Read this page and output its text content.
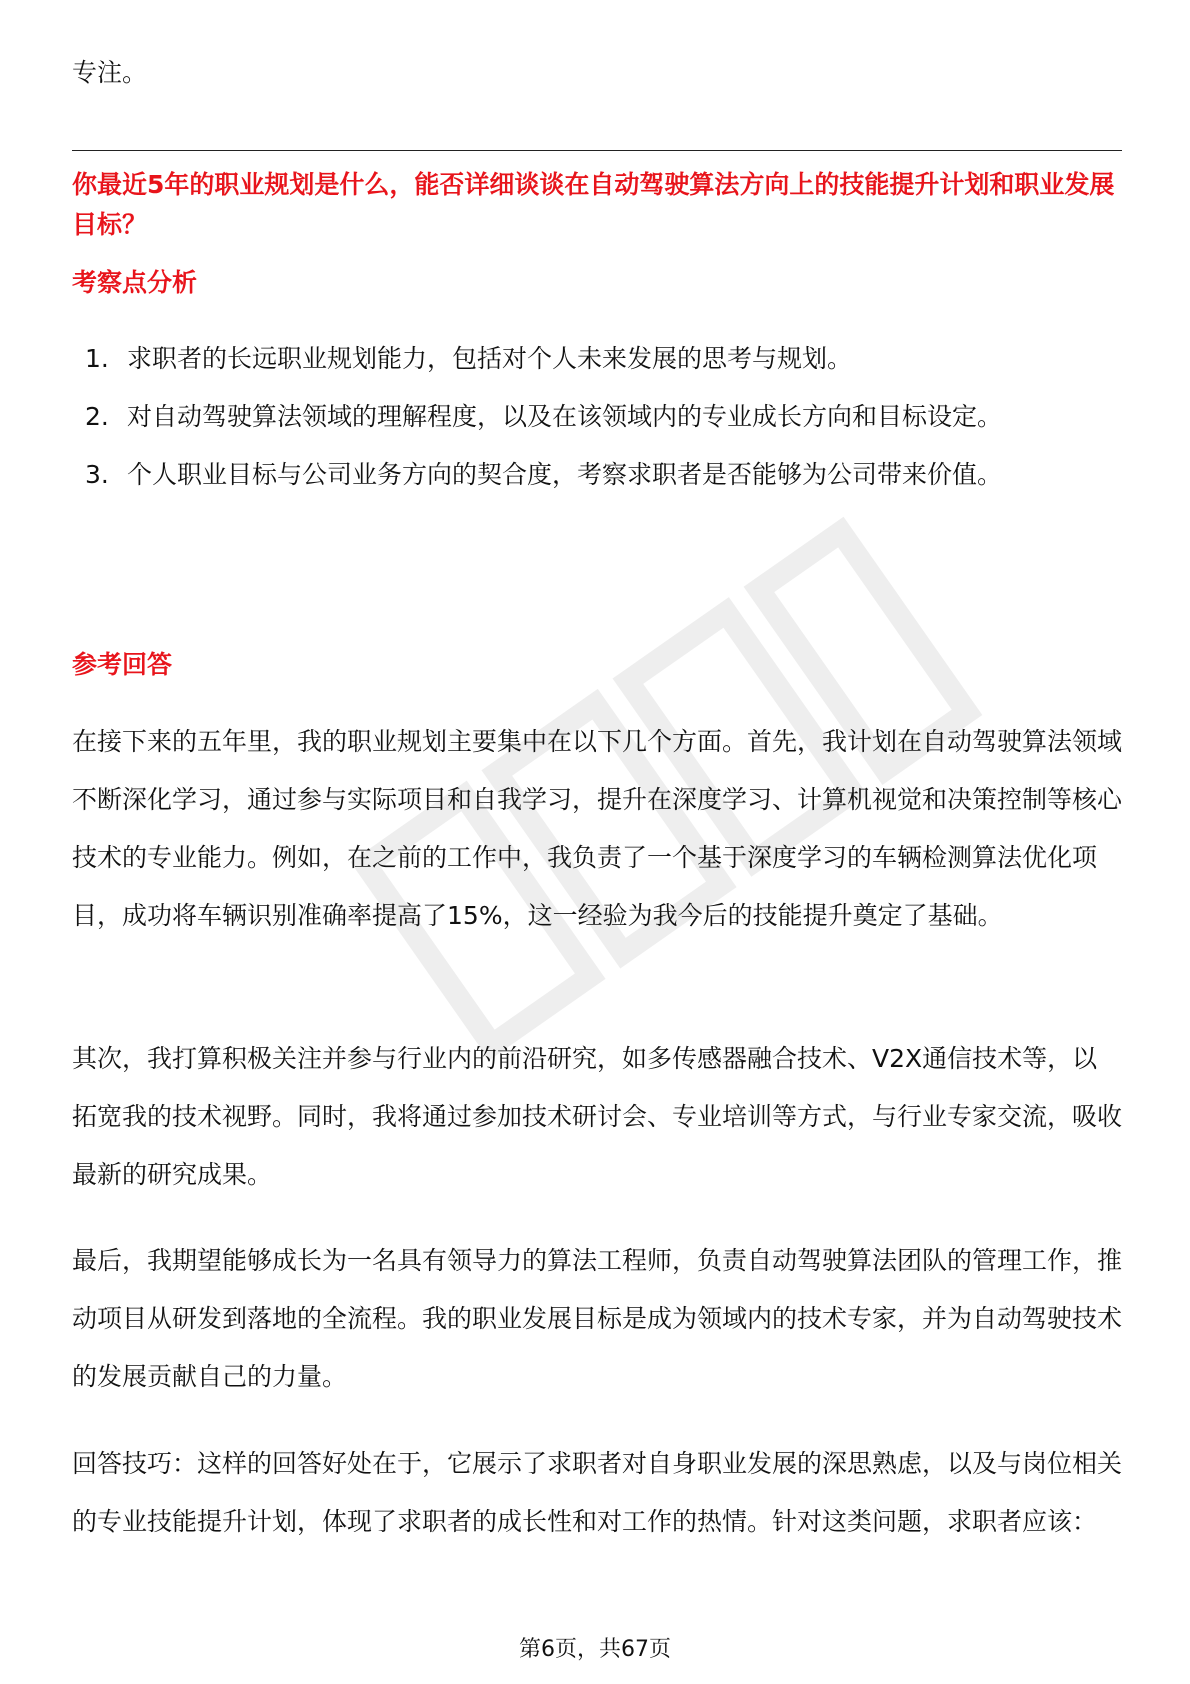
专注。
你最近5年的职业规划是什么，能否详细谈谈在自动驾驶算法方向上的技能提升计划和职业发展目标？
考察点分析
1. 求职者的长远职业规划能力，包括对个人未来发展的思考与规划。
2. 对自动驾驶算法领域的理解程度，以及在该领域内的专业成长方向和目标设定。
3. 个人职业目标与公司业务方向的契合度，考察求职者是否能够为公司带来价值。
参考回答

在接下来的五年里，我的职业规划主要集中在以下几个方面。首先，我计划在自动驾驶算法领域不断深化学习，通过参与实际项目和自我学习，提升在深度学习、计算机视觉和决策控制等核心技术的专业能力。例如，在之前的工作中，我负责了一个基于深度学习的车辆检测算法优化项目，成功将车辆识别准确率提高了15%，这一经验为我今后的技能提升奠定了基础。

其次，我打算积极关注并参与行业内的前沿研究，如多传感器融合技术、V2X通信技术等，以拓宽我的技术视野。同时，我将通过参加技术研讨会、专业培训等方式，与行业专家交流，吸收最新的研究成果。

最后，我期望能够成长为一名具有领导力的算法工程师，负责自动驾驶算法团队的管理工作，推动项目从研发到落地的全流程。我的职业发展目标是成为领域内的技术专家，并为自动驾驶技术的发展贡献自己的力量。

回答技巧：这样的回答好处在于，它展示了求职者对自身职业发展的深思熟虑，以及与岗位相关的专业技能提升计划，体现了求职者的成长性和对工作的热情。针对这类问题，求职者应该：

第6页，共67页
